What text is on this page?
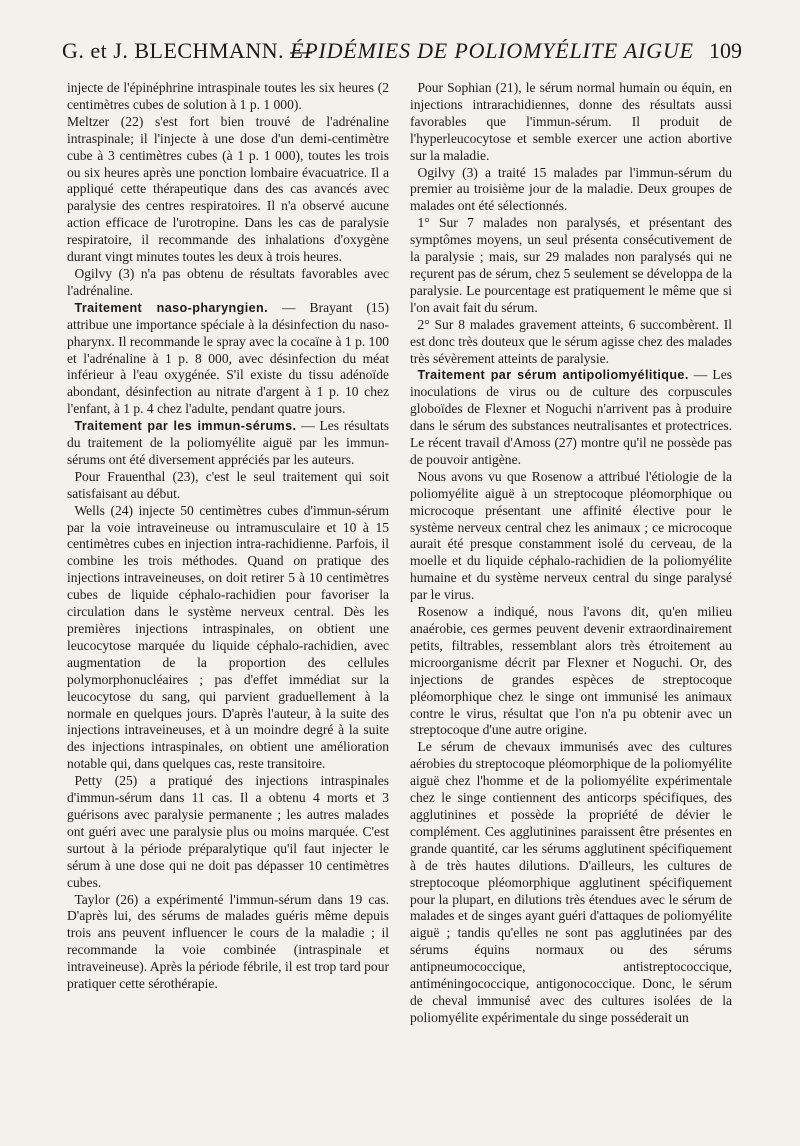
G. et J. BLECHMANN. —
ÉPIDÉMIES DE POLIOMYÉLITE AIGUE 109

injecte de l'épinéphrine intraspinale toutes les six heures (2 centimètres cubes de solution à 1 p. 1 000).

Meltzer (22) s'est fort bien trouvé de l'adrénaline intraspinale; il l'injecte à une dose d'un demi-centimètre cube à 3 centimètres cubes (à 1 p. 1 000), toutes les trois ou six heures après une ponction lombaire évacuatrice. Il a appliqué cette thérapeutique dans des cas avancés avec paralysie des centres respiratoires. Il n'a observé aucune action efficace de l'urotropine. Dans les cas de paralysie respiratoire, il recommande des inhalations d'oxygène durant vingt minutes toutes les deux à trois heures.

Ogilvy (3) n'a pas obtenu de résultats favorables avec l'adrénaline.

Traitement naso-pharyngien. — Brayant (15) attribue une importance spéciale à la désinfection du naso-pharynx. Il recommande le spray avec la cocaïne à 1 p. 100 et l'adrénaline à 1 p. 8 000, avec désinfection du méat inférieur à l'eau oxygénée. S'il existe du tissu adénoïde abondant, désinfection au nitrate d'argent à 1 p. 10 chez l'enfant, à 1 p. 4 chez l'adulte, pendant quatre jours.

Traitement par les immun-sérums. — Les résultats du traitement de la poliomyélite aiguë par les immun-sérums ont été diversement appréciés par les auteurs.

Pour Frauenthal (23), c'est le seul traitement qui soit satisfaisant au début.

Wells (24) injecte 50 centimètres cubes d'immun-sérum par la voie intraveineuse ou intramusculaire et 10 à 15 centimètres cubes en injection intra-rachidienne. Parfois, il combine les trois méthodes. Quand on pratique des injections intraveineuses, on doit retirer 5 à 10 centimètres cubes de liquide céphalo-rachidien pour favoriser la circulation dans le système nerveux central. Dès les premières injections intraspinales, on obtient une leucocytose marquée du liquide céphalo-rachidien, avec augmentation de la proportion des cellules polymorphonucléaires ; pas d'effet immédiat sur la leucocytose du sang, qui parvient graduellement à la normale en quelques jours. D'après l'auteur, à la suite des injections intraveineuses, et à un moindre degré à la suite des injections intraspinales, on obtient une amélioration notable qui, dans quelques cas, reste transitoire.

Petty (25) a pratiqué des injections intraspinales d'immun-sérum dans 11 cas. Il a obtenu 4 morts et 3 guérisons avec paralysie permanente ; les autres malades ont guéri avec une paralysie plus ou moins marquée. C'est surtout à la période préparalytique qu'il faut injecter le sérum à une dose qui ne doit pas dépasser 10 centimètres cubes.

Taylor (26) a expérimenté l'immun-sérum dans 19 cas. D'après lui, des sérums de malades guéris même depuis trois ans peuvent influencer le cours de la maladie ; il recommande la voie combinée (intraspinale et intraveineuse). Après la période fébrile, il est trop tard pour pratiquer cette sérothérapie.

Pour Sophian (21), le sérum normal humain ou équin, en injections intrarachidiennes, donne des résultats aussi favorables que l'immun-sérum. Il produit de l'hyperleucocytose et semble exercer une action abortive sur la maladie.

Ogilvy (3) a traité 15 malades par l'immun-sérum du premier au troisième jour de la maladie. Deux groupes de malades ont été sélectionnés.

1° Sur 7 malades non paralysés, et présentant des symptômes moyens, un seul présenta consécutivement de la paralysie ; mais, sur 29 malades non paralysés qui ne reçurent pas de sérum, chez 5 seulement se développa de la paralysie. Le pourcentage est pratiquement le même que si l'on avait fait du sérum.

2° Sur 8 malades gravement atteints, 6 succombèrent. Il est donc très douteux que le sérum agisse chez des malades très sévèrement atteints de paralysie.

Traitement par sérum antipoliomyélitique. — Les inoculations de virus ou de culture des corpuscules globoïdes de Flexner et Noguchi n'arrivent pas à produire dans le sérum des substances neutralisantes et protectrices. Le récent travail d'Amoss (27) montre qu'il ne possède pas de pouvoir antigène.

Nous avons vu que Rosenow a attribué l'étiologie de la poliomyélite aiguë à un streptocoque pléomorphique ou microcoque présentant une affinité élective pour le système nerveux central chez les animaux ; ce microcoque aurait été presque constamment isolé du cerveau, de la moelle et du liquide céphalo-rachidien de la poliomyélite humaine et du système nerveux central du singe paralysé par le virus.

Rosenow a indiqué, nous l'avons dit, qu'en milieu anaérobie, ces germes peuvent devenir extraordinairement petits, filtrables, ressemblant alors très étroitement au microorganisme décrit par Flexner et Noguchi. Or, des injections de grandes espèces de streptocoque pléomorphique chez le singe ont immunisé les animaux contre le virus, résultat que l'on n'a pu obtenir avec un streptocoque d'une autre origine.

Le sérum de chevaux immunisés avec des cultures aérobies du streptocoque pléomorphique de la poliomyélite aiguë chez l'homme et de la poliomyélite expérimentale chez le singe contiennent des anticorps spécifiques, des agglutinines et possède la propriété de dévier le complément. Ces agglutinines paraissent être présentes en grande quantité, car les sérums agglutinent spécifiquement à de très hautes dilutions. D'ailleurs, les cultures de streptocoque pléomorphique agglutinent spécifiquement pour la plupart, en dilutions très étendues avec le sérum de malades et de singes ayant guéri d'attaques de poliomyélite aiguë ; tandis qu'elles ne sont pas agglutinées par des sérums équins normaux ou des sérums antipneumococcique, antistreptococcique, antiméningococcique, antigonococcique. Donc, le sérum de cheval immunisé avec des cultures isolées de la poliomyélite expérimentale du singe posséderait un
